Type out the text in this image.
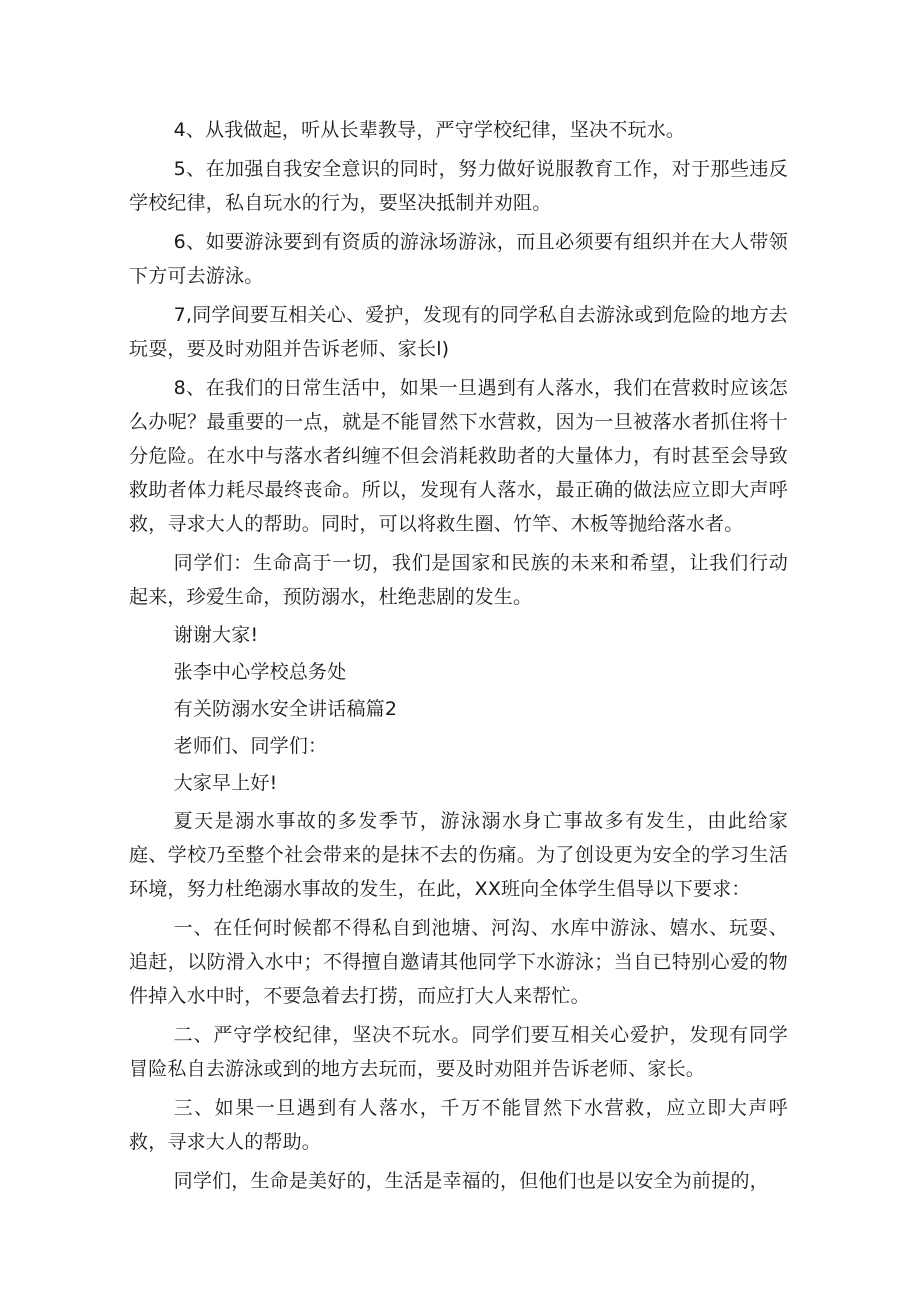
4、从我做起，听从长辈教导，严守学校纪律，坚决不玩水。

5、在加强自我安全意识的同时，努力做好说服教育工作，对于那些违反学校纪律，私自玩水的行为，要坚决抵制并劝阻。

6、如要游泳要到有资质的游泳场游泳，而且必须要有组织并在大人带领下方可去游泳。

7,同学间要互相关心、爱护，发现有的同学私自去游泳或到危险的地方去玩耍，要及时劝阻并告诉老师、家长l)

8、在我们的日常生活中，如果一旦遇到有人落水，我们在营救时应该怎么办呢？最重要的一点，就是不能冒然下水营救，因为一旦被落水者抓住将十分危险。在水中与落水者纠缠不但会消耗救助者的大量体力，有时甚至会导致救助者体力耗尽最终丧命。所以，发现有人落水，最正确的做法应立即大声呼救，寻求大人的帮助。同时，可以将救生圈、竹竿、木板等抛给落水者。

同学们：生命高于一切，我们是国家和民族的未来和希望，让我们行动起来，珍爱生命，预防溺水，杜绝悲剧的发生。

谢谢大家!

张李中心学校总务处

有关防溺水安全讲话稿篇2

老师们、同学们：

大家早上好!

夏天是溺水事故的多发季节，游泳溺水身亡事故多有发生，由此给家庭、学校乃至整个社会带来的是抹不去的伤痛。为了创设更为安全的学习生活环境，努力杜绝溺水事故的发生，在此，XX班向全体学生倡导以下要求：

一、在任何时候都不得私自到池塘、河沟、水库中游泳、嬉水、玩耍、追赶，以防滑入水中；不得擅自邀请其他同学下水游泳；当自已特别心爱的物件掉入水中时，不要急着去打捞，而应打大人来帮忙。

二、严守学校纪律，坚决不玩水。同学们要互相关心爱护，发现有同学冒险私自去游泳或到的地方去玩而，要及时劝阻并告诉老师、家长。

三、如果一旦遇到有人落水，千万不能冒然下水营救，应立即大声呼救，寻求大人的帮助。

同学们，生命是美好的，生活是幸福的，但他们也是以安全为前提的，
